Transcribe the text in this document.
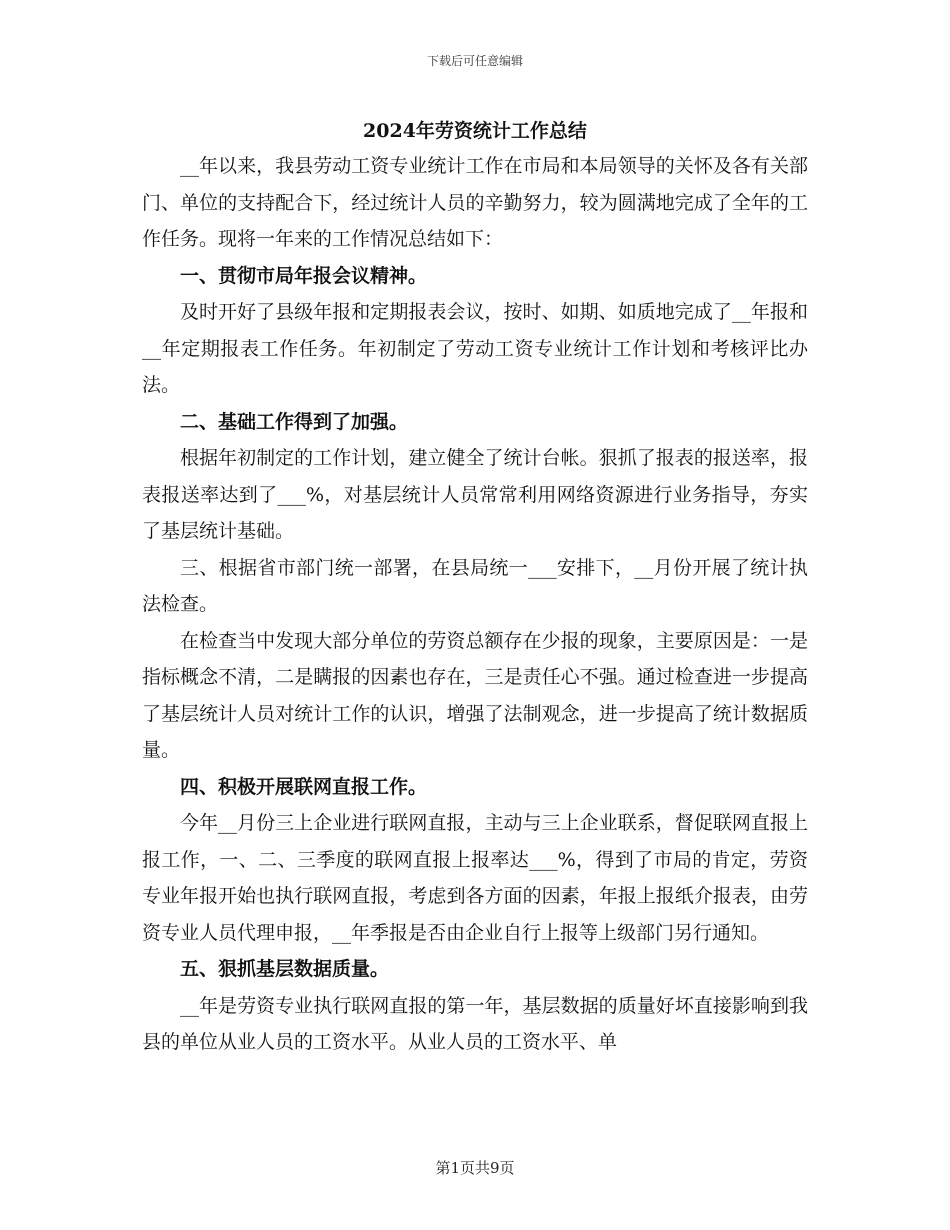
下载后可任意编辑
2024年劳资统计工作总结

__年以来，我县劳动工资专业统计工作在市局和本局领导的关怀及各有关部门、单位的支持配合下，经过统计人员的辛勤努力，较为圆满地完成了全年的工作任务。现将一年来的工作情况总结如下：

一、贯彻市局年报会议精神。

及时开好了县级年报和定期报表会议，按时、如期、如质地完成了__年报和__年定期报表工作任务。年初制定了劳动工资专业统计工作计划和考核评比办法。

二、基础工作得到了加强。

根据年初制定的工作计划，建立健全了统计台帐。狠抓了报表的报送率，报表报送率达到了___%，对基层统计人员常常利用网络资源进行业务指导，夯实了基层统计基础。

三、根据省市部门统一部署，在县局统一___安排下，__月份开展了统计执法检查。

在检查当中发现大部分单位的劳资总额存在少报的现象，主要原因是：一是指标概念不清，二是瞒报的因素也存在，三是责任心不强。通过检查进一步提高了基层统计人员对统计工作的认识，增强了法制观念，进一步提高了统计数据质量。

四、积极开展联网直报工作。

今年__月份三上企业进行联网直报，主动与三上企业联系，督促联网直报上报工作，一、二、三季度的联网直报上报率达___%，得到了市局的肯定，劳资专业年报开始也执行联网直报，考虑到各方面的因素，年报上报纸介报表，由劳资专业人员代理申报，__年季报是否由企业自行上报等上级部门另行通知。

五、狠抓基层数据质量。

__年是劳资专业执行联网直报的第一年，基层数据的质量好坏直接影响到我县的单位从业人员的工资水平。从业人员的工资水平、单

第1页共9页
